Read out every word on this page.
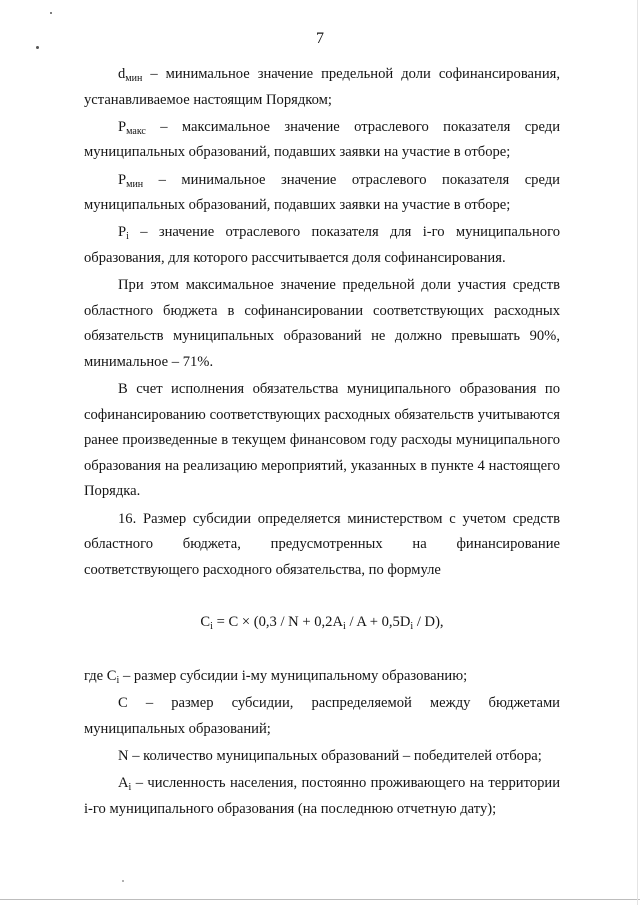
7

$d_{мин}$ – минимальное значение предельной доли софинансирования, устанавливаемое настоящим Порядком;

$P_{макс}$ – максимальное значение отраслевого показателя среди муниципальных образований, подавших заявки на участие в отборе;

$P_{мин}$ – минимальное значение отраслевого показателя среди муниципальных образований, подавших заявки на участие в отборе;

$P_i$ – значение отраслевого показателя для i-го муниципального образования, для которого рассчитывается доля софинансирования.

При этом максимальное значение предельной доли участия средств областного бюджета в софинансировании соответствующих расходных обязательств муниципальных образований не должно превышать 90%, минимальное – 71%.

В счет исполнения обязательства муниципального образования по софинансированию соответствующих расходных обязательств учитываются ранее произведенные в текущем финансовом году расходы муниципального образования на реализацию мероприятий, указанных в пункте 4 настоящего Порядка.

16. Размер субсидии определяется министерством с учетом средств областного бюджета, предусмотренных на финансирование соответствующего расходного обязательства, по формуле

$C_i = C \times (0,3 / N + 0,2A_i / A + 0,5D_i / D)$,

где $C_i$ – размер субсидии i-му муниципальному образованию;

C – размер субсидии, распределяемой между бюджетами муниципальных образований;

N – количество муниципальных образований – победителей отбора;

$A_i$ – численность населения, постоянно проживающего на территории i-го муниципального образования (на последнюю отчетную дату);
